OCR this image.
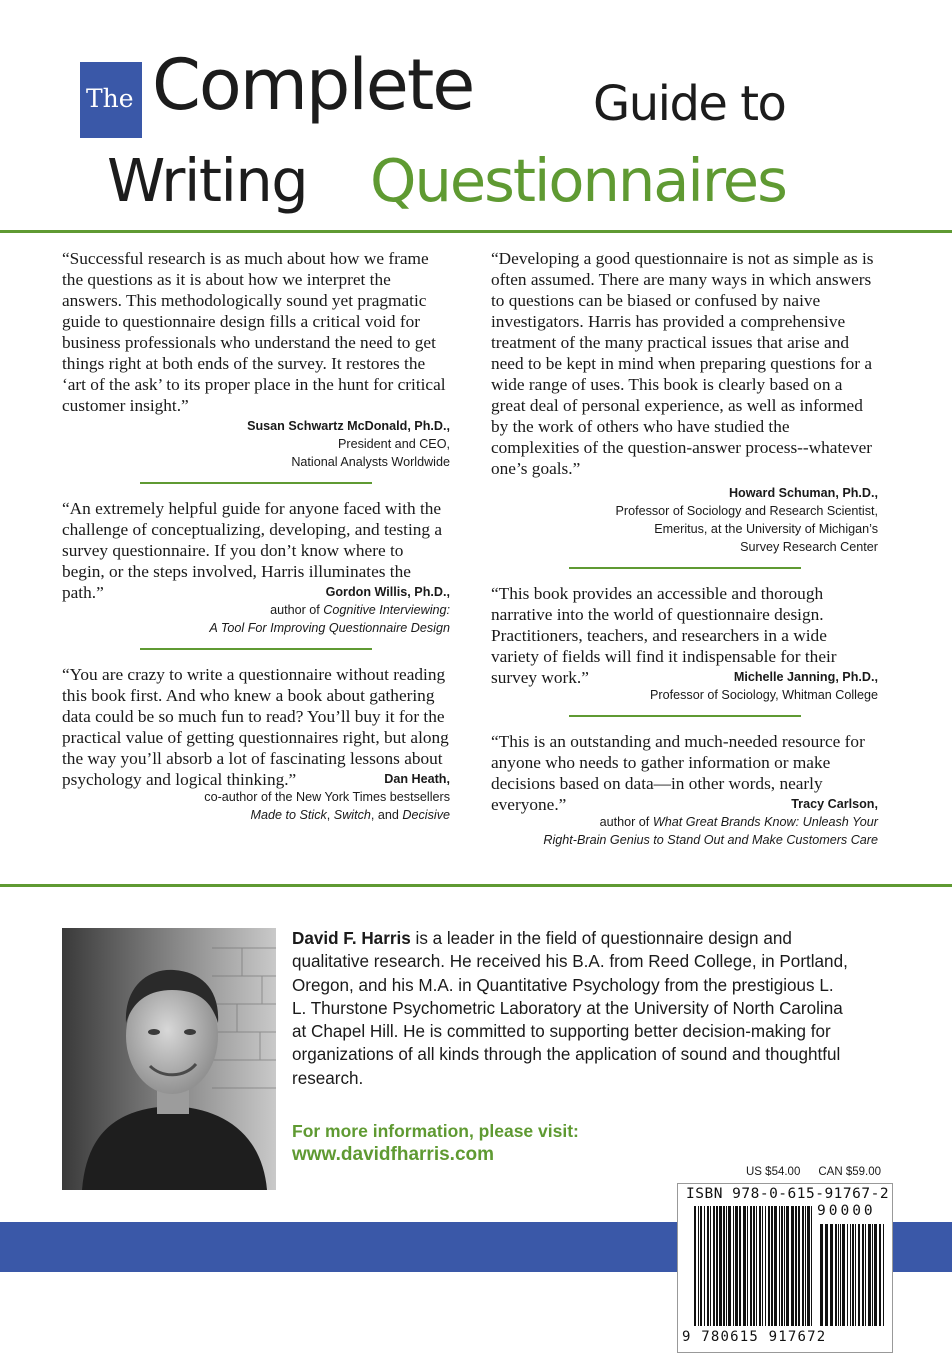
The Complete Guide to
Writing Questionnaires

“Successful research is as much about how we frame the questions as it is about how we interpret the answers. This methodologically sound yet pragmatic guide to questionnaire design fills a critical void for business professionals who understand the need to get things right at both ends of the survey. It restores the ‘art of the ask’ to its proper place in the hunt for critical customer insight.”

Susan Schwartz McDonald, Ph.D.,
President and CEO,
National Analysts Worldwide

“An extremely helpful guide for anyone faced with the challenge of conceptualizing, developing, and testing a survey questionnaire. If you don’t know where to begin, or the steps involved, Harris illuminates the path.”	Gordon Willis, Ph.D.,
author of Cognitive Interviewing:
A Tool For Improving Questionnaire Design

“You are crazy to write a questionnaire without reading this book first. And who knew a book about gathering data could be so much fun to read? You’ll buy it for the practical value of getting questionnaires right, but along the way you’ll absorb a lot of fascinating lessons about psychology and logical thinking.”	Dan Heath,
co-author of the New York Times bestsellers
Made to Stick, Switch, and Decisive

“Developing a good questionnaire is not as simple as is often assumed. There are many ways in which answers to questions can be biased or confused by naive investigators. Harris has provided a comprehensive treatment of the many practical issues that arise and need to be kept in mind when preparing questions for a wide range of uses. This book is clearly based on a great deal of personal experience, as well as informed by the work of others who have studied the complexities of the question-answer process--whatever one’s goals.”

Howard Schuman, Ph.D.,
Professor of Sociology and Research Scientist,
Emeritus, at the University of Michigan’s
Survey Research Center

“This book provides an accessible and thorough narrative into the world of questionnaire design. Practitioners, teachers, and researchers in a wide variety of fields will find it indispensable for their survey work.”	Michelle Janning, Ph.D.,
Professor of Sociology, Whitman College

“This is an outstanding and much-needed resource for anyone who needs to gather information or make decisions based on data—in other words, nearly everyone.”	Tracy Carlson,
author of What Great Brands Know: Unleash Your
Right-Brain Genius to Stand Out and Make Customers Care
David F. Harris is a leader in the field of questionnaire design and qualitative research. He received his B.A. from Reed College, in Portland, Oregon, and his M.A. in Quantitative Psychology from the prestigious L. L. Thurstone Psychometric Laboratory at the University of North Carolina at Chapel Hill. He is committed to supporting better decision-making for organizations of all kinds through the application of sound and thoughtful research.
For more information, please visit:
www.davidfharris.com
US $54.00 CAN $59.00
ISBN 978-0-615-91767-2
90000
9 780615 917672
